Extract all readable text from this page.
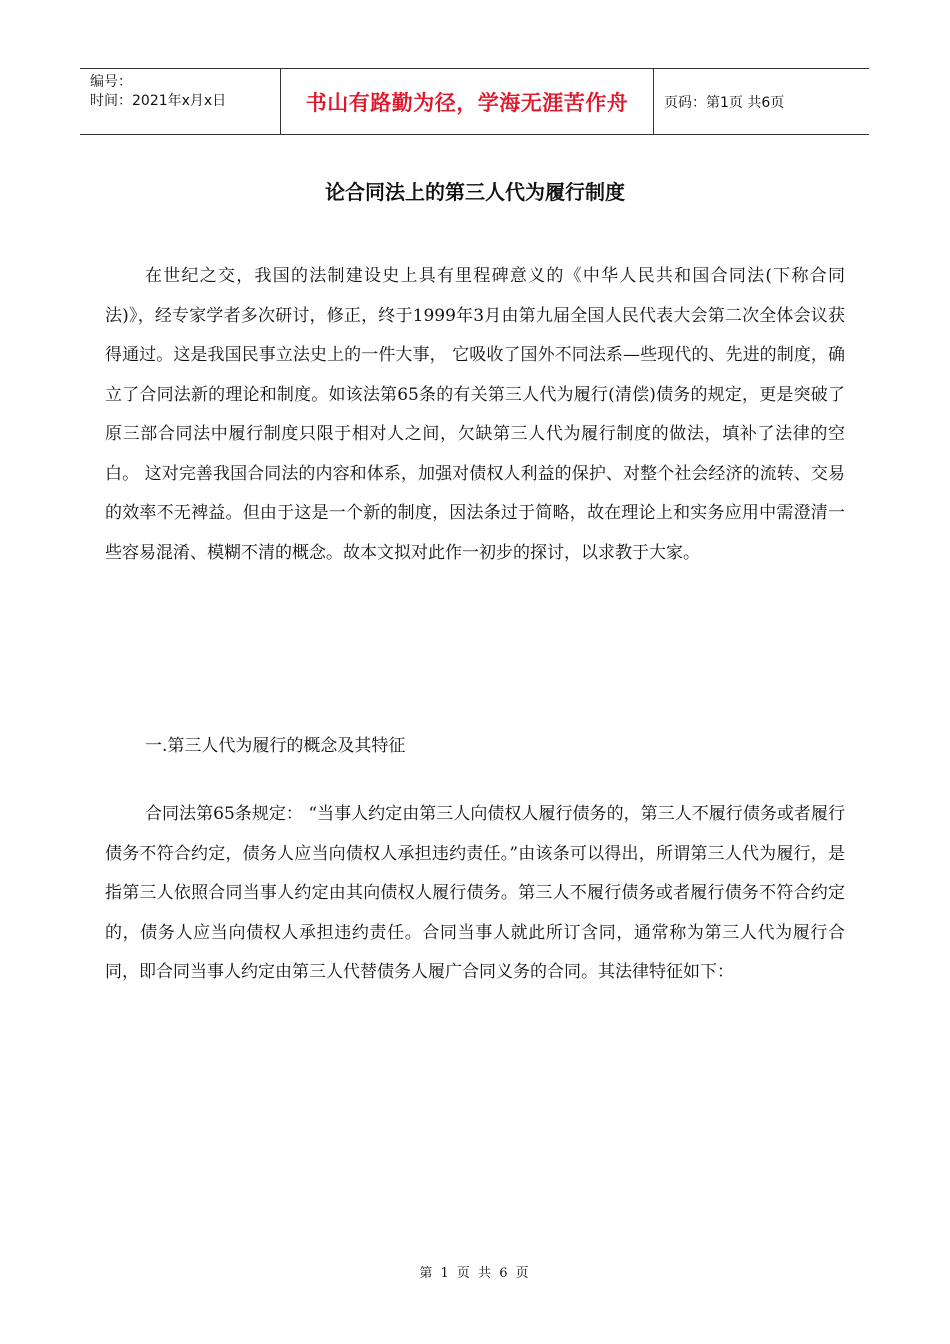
编号：
时间：2021年x月x日	书山有路勤为径，学海无涯苦作舟	页码：第1页 共6页
论合同法上的第三人代为履行制度

在世纪之交，我国的法制建设史上具有里程碑意义的《中华人民共和国合同法(下称合同法)》，经专家学者多次研讨，修正，终于1999年3月由第九届全国人民代表大会第二次全体会议获得通过。这是我国民事立法史上的一件大事， 它吸收了国外不同法系—些现代的、先进的制度，确立了合同法新的理论和制度。如该法第65条的有关第三人代为履行(清偿)债务的规定，更是突破了原三部合同法中履行制度只限于相对人之间，欠缺第三人代为履行制度的做法，填补了法律的空白。 这对完善我国合同法的内容和体系，加强对债权人利益的保护、对整个社会经济的流转、交易的效率不无裨益。但由于这是一个新的制度，因法条过于简略，故在理论上和实务应用中需澄清一些容易混淆、模糊不清的概念。故本文拟对此作一初步的探讨，以求教于大家。

一.第三人代为履行的概念及其特征

合同法第65条规定： “当事人约定由第三人向债权人履行债务的，第三人不履行债务或者履行债务不符合约定，债务人应当向债权人承担违约责任。”由该条可以得出，所谓第三人代为履行，是指第三人依照合同当事人约定由其向债权人履行债务。第三人不履行债务或者履行债务不符合约定的，债务人应当向债权人承担违约责任。合同当事人就此所订含同，通常称为第三人代为履行合同，即合同当事人约定由第三人代替债务人履广合同义务的合同。其法律特征如下：

第 1 页 共 6 页
